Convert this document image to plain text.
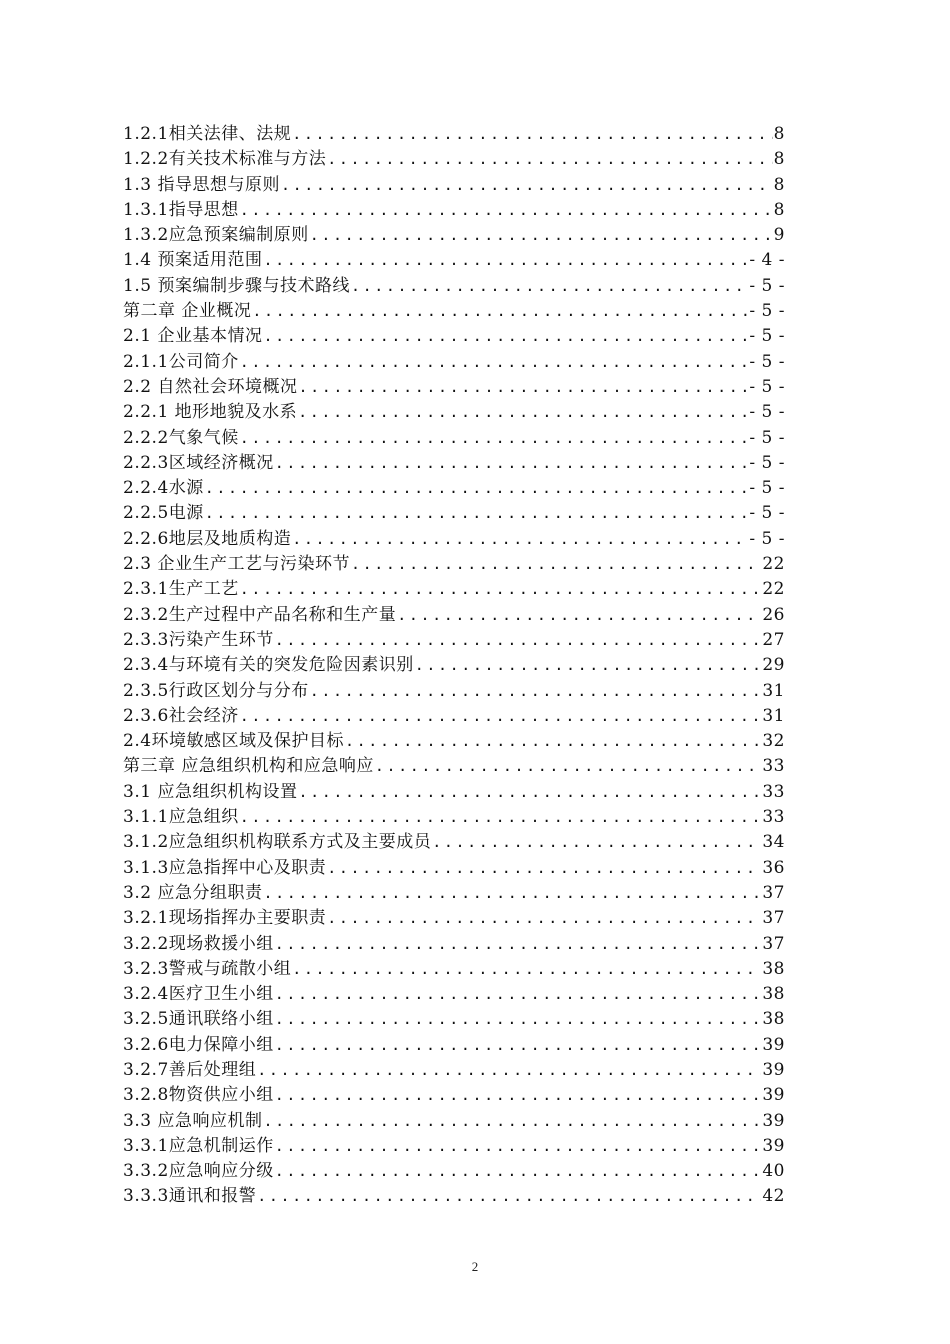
1.2.1相关法律、法规 .....	8
1.2.2有关技术标准与方法 .....	8
1.3 指导思想与原则 .....	8
1.3.1指导思想 .....	8
1.3.2应急预案编制原则 .....	9
1.4 预案适用范围 .....	- 4 -
1.5 预案编制步骤与技术路线 .....	- 5 -
第二章 企业概况 .....	- 5 -
2.1 企业基本情况 .....	- 5 -
2.1.1公司简介 .....	- 5 -
2.2 自然社会环境概况 .....	- 5 -
2.2.1 地形地貌及水系 .....	- 5 -
2.2.2气象气候 .....	- 5 -
2.2.3区域经济概况 .....	- 5 -
2.2.4水源 .....	- 5 -
2.2.5电源 .....	- 5 -
2.2.6地层及地质构造 .....	- 5 -
2.3 企业生产工艺与污染环节 .....	22
2.3.1生产工艺 .....	22
2.3.2生产过程中产品名称和生产量 .....	26
2.3.3污染产生环节 .....	27
2.3.4与环境有关的突发危险因素识别 .....	29
2.3.5行政区划分与分布 .....	31
2.3.6社会经济 .....	31
2.4环境敏感区域及保护目标 .....	32
第三章 应急组织机构和应急响应 .....	33
3.1 应急组织机构设置 .....	33
3.1.1应急组织 .....	33
3.1.2应急组织机构联系方式及主要成员 .....	34
3.1.3应急指挥中心及职责 .....	36
3.2 应急分组职责 .....	37
3.2.1现场指挥办主要职责 .....	37
3.2.2现场救援小组 .....	37
3.2.3警戒与疏散小组 .....	38
3.2.4医疗卫生小组 .....	38
3.2.5通讯联络小组 .....	38
3.2.6电力保障小组 .....	39
3.2.7善后处理组 .....	39
3.2.8物资供应小组 .....	39
3.3 应急响应机制 .....	39
3.3.1应急机制运作 .....	39
3.3.2应急响应分级 .....	40
3.3.3通讯和报警 .....	42
2
